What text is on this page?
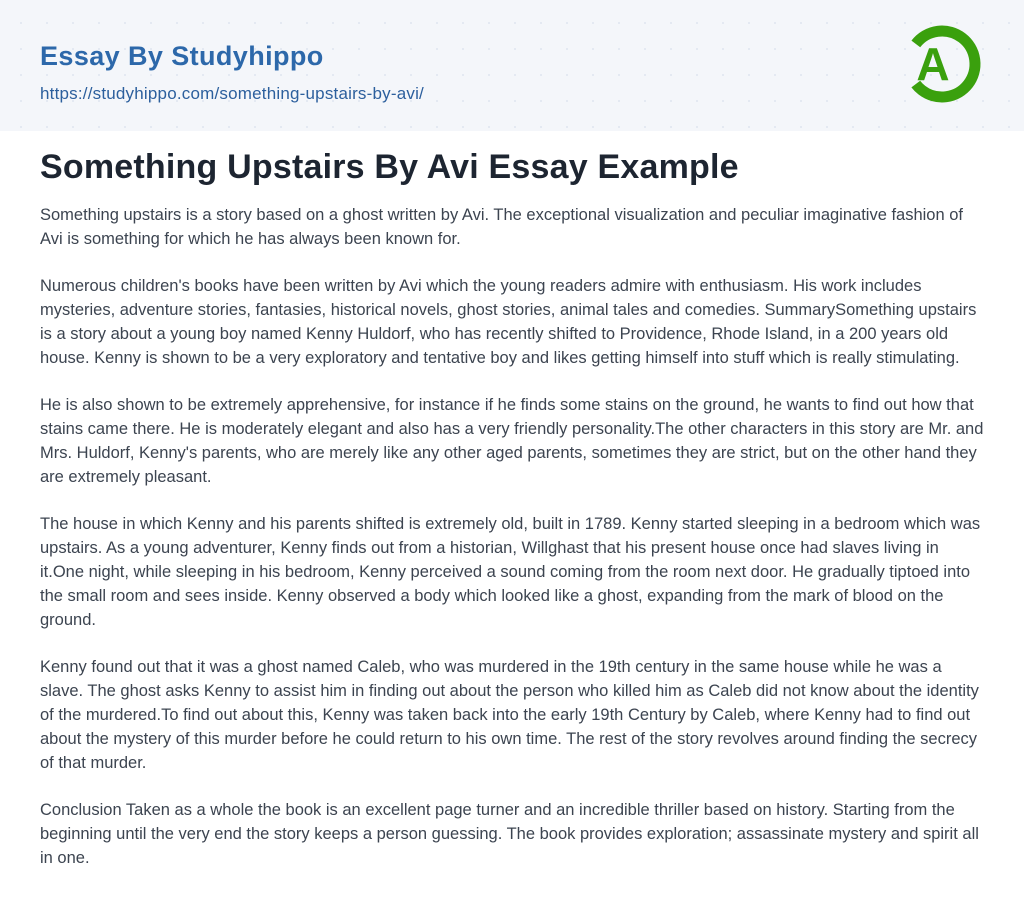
Essay By Studyhippo
https://studyhippo.com/something-upstairs-by-avi/
A
Something Upstairs By Avi Essay Example

Something upstairs is a story based on a ghost written by Avi. The exceptional visualization and peculiar imaginative fashion of Avi is something for which he has always been known for.

Numerous children's books have been written by Avi which the young readers admire with enthusiasm. His work includes mysteries, adventure stories, fantasies, historical novels, ghost stories, animal tales and comedies. SummarySomething upstairs is a story about a young boy named Kenny Huldorf, who has recently shifted to Providence, Rhode Island, in a 200 years old house. Kenny is shown to be a very exploratory and tentative boy and likes getting himself into stuff which is really stimulating.

He is also shown to be extremely apprehensive, for instance if he finds some stains on the ground, he wants to find out how that stains came there. He is moderately elegant and also has a very friendly personality.The other characters in this story are Mr. and Mrs. Huldorf, Kenny's parents, who are merely like any other aged parents, sometimes they are strict, but on the other hand they are extremely pleasant.

The house in which Kenny and his parents shifted is extremely old, built in 1789. Kenny started sleeping in a bedroom which was upstairs. As a young adventurer, Kenny finds out from a historian, Willghast that his present house once had slaves living in it.One night, while sleeping in his bedroom, Kenny perceived a sound coming from the room next door. He gradually tiptoed into the small room and sees inside. Kenny observed a body which looked like a ghost, expanding from the mark of blood on the ground.

Kenny found out that it was a ghost named Caleb, who was murdered in the 19th century in the same house while he was a slave. The ghost asks Kenny to assist him in finding out about the person who killed him as Caleb did not know about the identity of the murdered.To find out about this, Kenny was taken back into the early 19th Century by Caleb, where Kenny had to find out about the mystery of this murder before he could return to his own time. The rest of the story revolves around finding the secrecy of that murder.

Conclusion Taken as a whole the book is an excellent page turner and an incredible thriller based on history. Starting from the beginning until the very end the story keeps a person guessing. The book provides exploration; assassinate mystery and spirit all in one.
